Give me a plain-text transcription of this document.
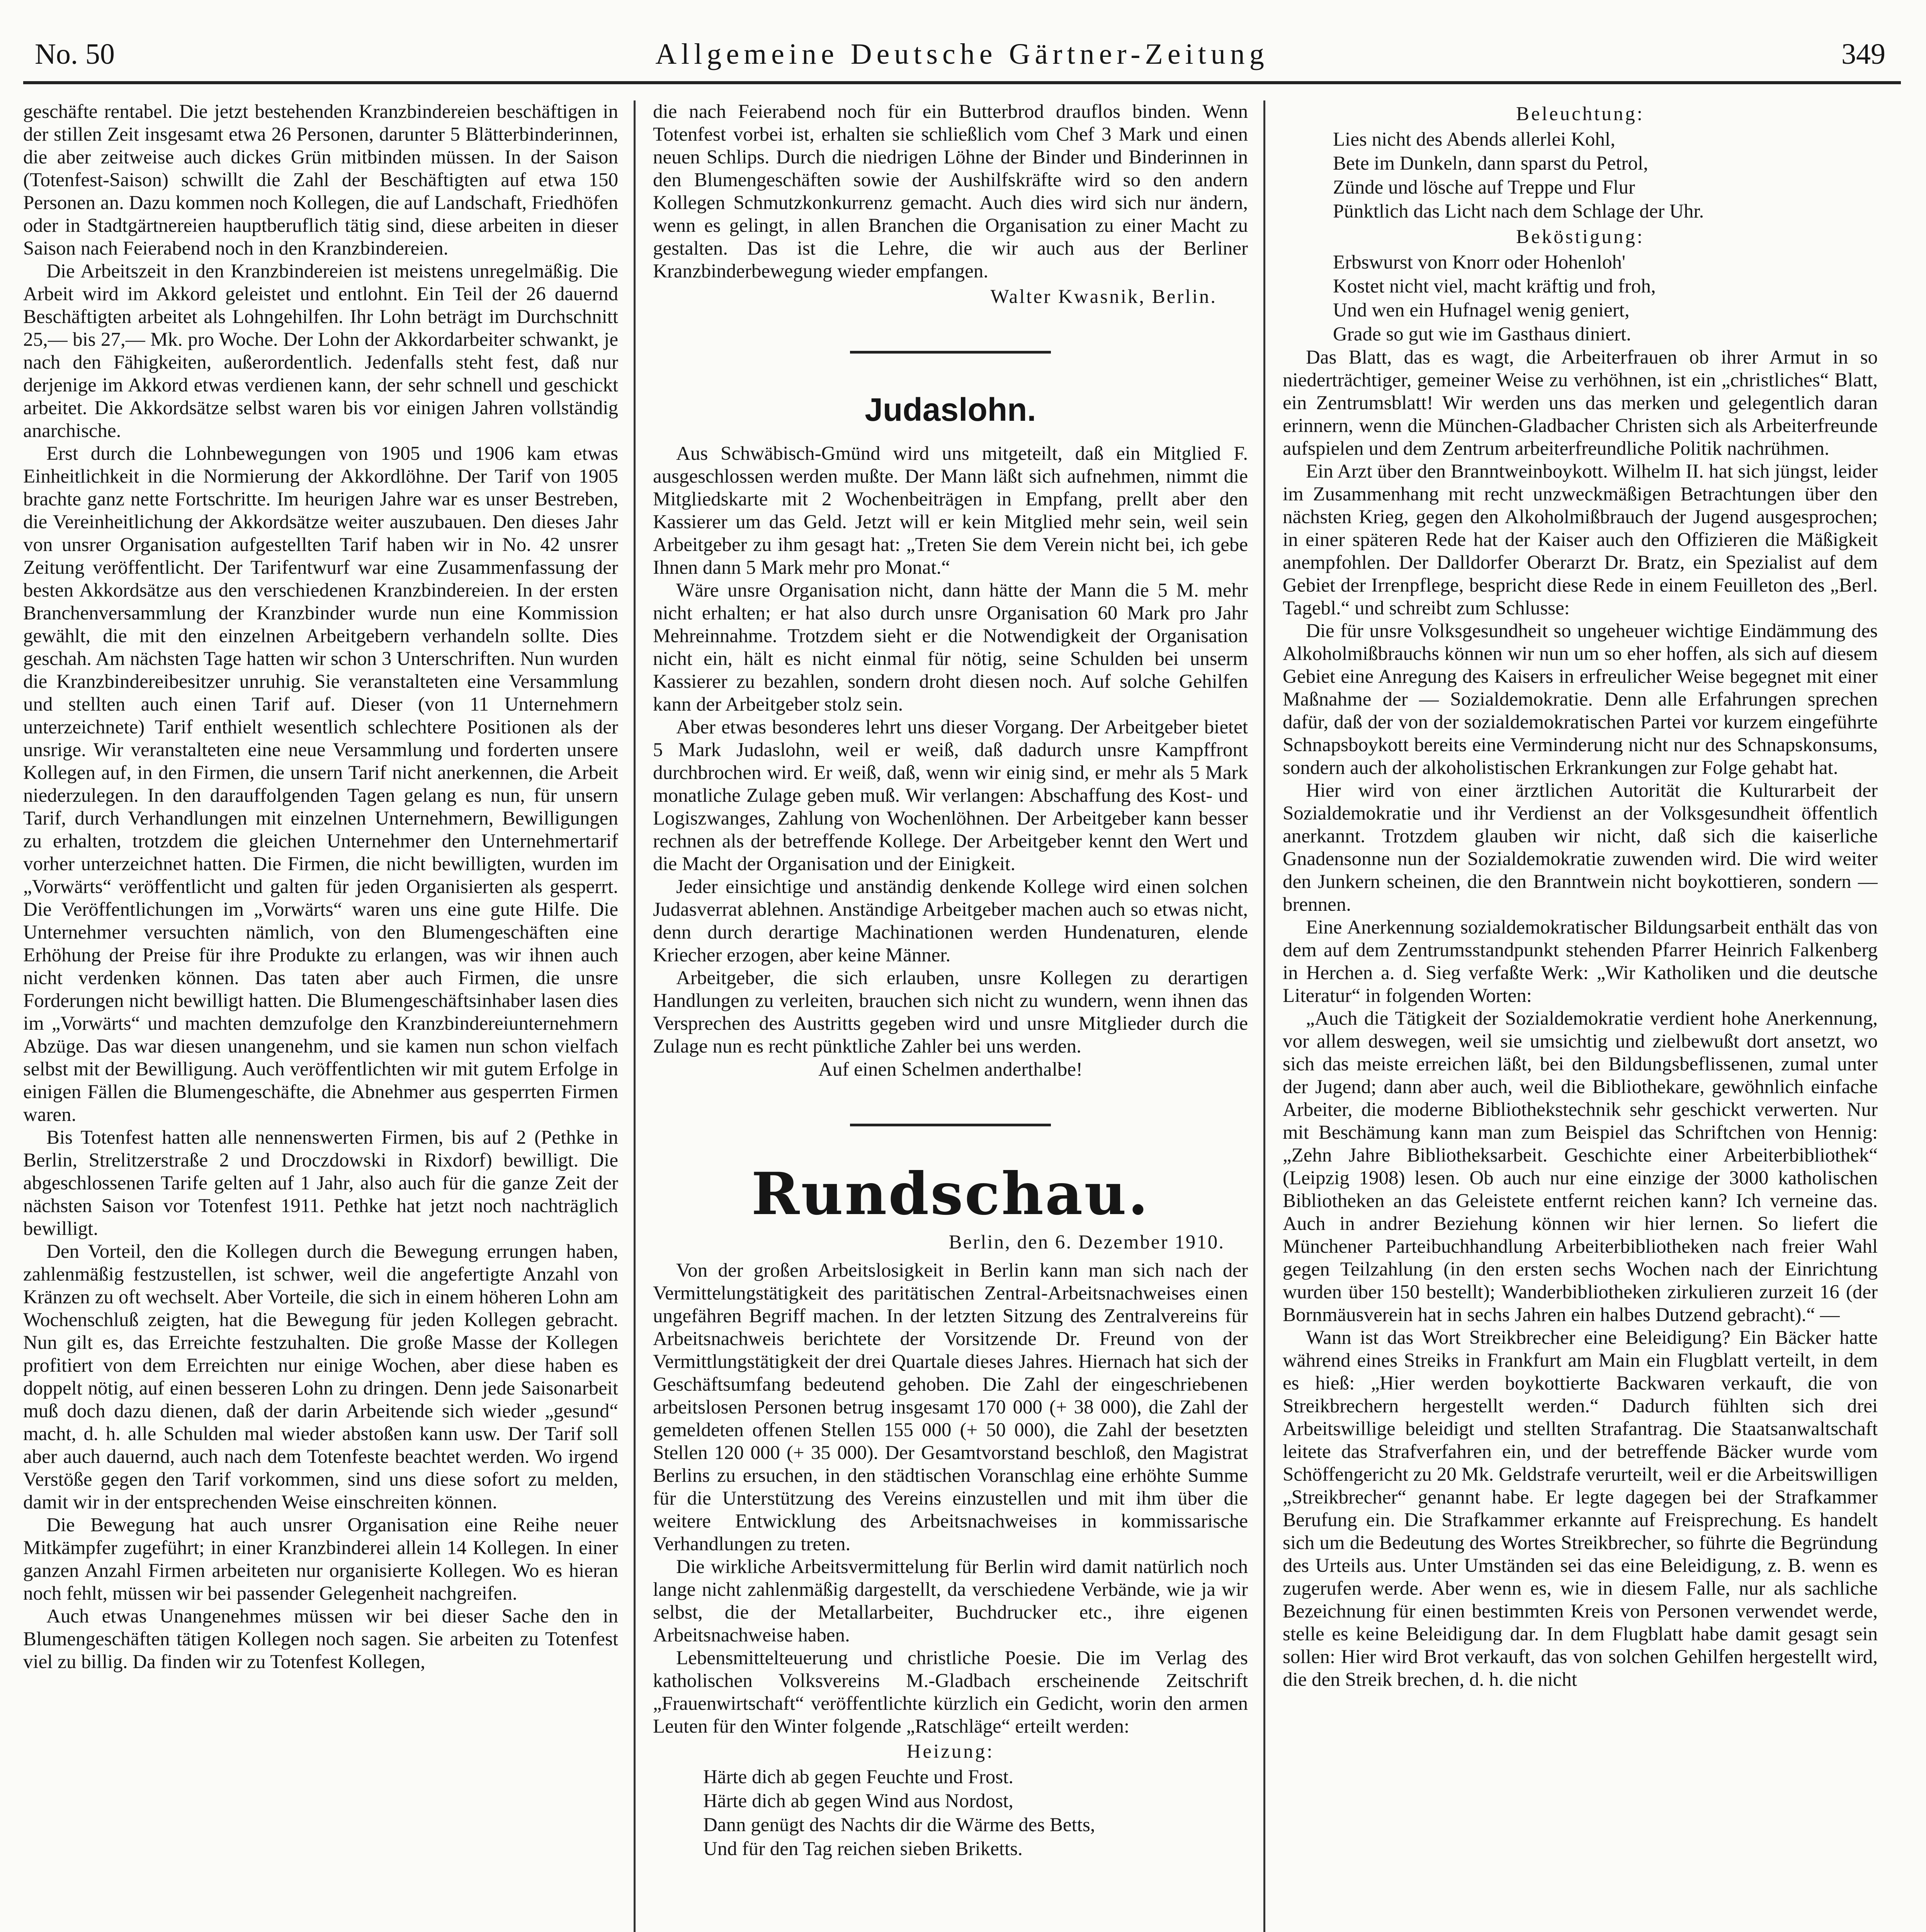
No. 50	Allgemeine Deutsche Gärtner-Zeitung	349

geschäfte rentabel. Die jetzt bestehenden Kranzbindereien beschäftigen in der stillen Zeit insgesamt etwa 26 Personen, darunter 5 Blätterbinderinnen, die aber zeitweise auch dickes Grün mitbinden müssen. In der Saison (Totenfest-Saison) schwillt die Zahl der Beschäftigten auf etwa 150 Personen an. Dazu kommen noch Kollegen, die auf Landschaft, Friedhöfen oder in Stadtgärtnereien hauptberuflich tätig sind, diese arbeiten in dieser Saison nach Feierabend noch in den Kranzbindereien.

Die Arbeitszeit in den Kranzbindereien ist meistens unregelmäßig. Die Arbeit wird im Akkord geleistet und entlohnt. Ein Teil der 26 dauernd Beschäftigten arbeitet als Lohngehilfen. Ihr Lohn beträgt im Durchschnitt 25,— bis 27,— Mk. pro Woche. Der Lohn der Akkordarbeiter schwankt, je nach den Fähigkeiten, außerordentlich. Jedenfalls steht fest, daß nur derjenige im Akkord etwas verdienen kann, der sehr schnell und geschickt arbeitet. Die Akkordsätze selbst waren bis vor einigen Jahren vollständig anarchische.

Erst durch die Lohnbewegungen von 1905 und 1906 kam etwas Einheitlichkeit in die Normierung der Akkordlöhne. Der Tarif von 1905 brachte ganz nette Fortschritte. Im heurigen Jahre war es unser Bestreben, die Vereinheitlichung der Akkordsätze weiter auszubauen. Den dieses Jahr von unsrer Organisation aufgestellten Tarif haben wir in No. 42 unsrer Zeitung veröffentlicht. Der Tarifentwurf war eine Zusammenfassung der besten Akkordsätze aus den verschiedenen Kranzbindereien. In der ersten Branchenversammlung der Kranzbinder wurde nun eine Kommission gewählt, die mit den einzelnen Arbeitgebern verhandeln sollte. Dies geschah. Am nächsten Tage hatten wir schon 3 Unterschriften. Nun wurden die Kranzbindereibesitzer unruhig. Sie veranstalteten eine Versammlung und stellten auch einen Tarif auf. Dieser (von 11 Unternehmern unterzeichnete) Tarif enthielt wesentlich schlechtere Positionen als der unsrige. Wir veranstalteten eine neue Versammlung und forderten unsere Kollegen auf, in den Firmen, die unsern Tarif nicht anerkennen, die Arbeit niederzulegen. In den darauffolgenden Tagen gelang es nun, für unsern Tarif, durch Verhandlungen mit einzelnen Unternehmern, Bewilligungen zu erhalten, trotzdem die gleichen Unternehmer den Unternehmertarif vorher unterzeichnet hatten. Die Firmen, die nicht bewilligten, wurden im „Vorwärts“ veröffentlicht und galten für jeden Organisierten als gesperrt. Die Veröffentlichungen im „Vorwärts“ waren uns eine gute Hilfe. Die Unternehmer versuchten nämlich, von den Blumengeschäften eine Erhöhung der Preise für ihre Produkte zu erlangen, was wir ihnen auch nicht verdenken können. Das taten aber auch Firmen, die unsre Forderungen nicht bewilligt hatten. Die Blumengeschäftsinhaber lasen dies im „Vorwärts“ und machten demzufolge den Kranzbindereiunternehmern Abzüge. Das war diesen unangenehm, und sie kamen nun schon vielfach selbst mit der Bewilligung. Auch veröffentlichten wir mit gutem Erfolge in einigen Fällen die Blumengeschäfte, die Abnehmer aus gesperrten Firmen waren.

Bis Totenfest hatten alle nennenswerten Firmen, bis auf 2 (Pethke in Berlin, Strelitzerstraße 2 und Droczdowski in Rixdorf) bewilligt. Die abgeschlossenen Tarife gelten auf 1 Jahr, also auch für die ganze Zeit der nächsten Saison vor Totenfest 1911. Pethke hat jetzt noch nachträglich bewilligt.

Den Vorteil, den die Kollegen durch die Bewegung errungen haben, zahlenmäßig festzustellen, ist schwer, weil die angefertigte Anzahl von Kränzen zu oft wechselt. Aber Vorteile, die sich in einem höheren Lohn am Wochenschluß zeigten, hat die Bewegung für jeden Kollegen gebracht. Nun gilt es, das Erreichte festzuhalten. Die große Masse der Kollegen profitiert von dem Erreichten nur einige Wochen, aber diese haben es doppelt nötig, auf einen besseren Lohn zu dringen. Denn jede Saisonarbeit muß doch dazu dienen, daß der darin Arbeitende sich wieder „gesund“ macht, d. h. alle Schulden mal wieder abstoßen kann usw. Der Tarif soll aber auch dauernd, auch nach dem Totenfeste beachtet werden. Wo irgend Verstöße gegen den Tarif vorkommen, sind uns diese sofort zu melden, damit wir in der entsprechenden Weise einschreiten können.

Die Bewegung hat auch unsrer Organisation eine Reihe neuer Mitkämpfer zugeführt; in einer Kranzbinderei allein 14 Kollegen. In einer ganzen Anzahl Firmen arbeiteten nur organisierte Kollegen. Wo es hieran noch fehlt, müssen wir bei passender Gelegenheit nachgreifen.

Auch etwas Unangenehmes müssen wir bei dieser Sache den in Blumengeschäften tätigen Kollegen noch sagen. Sie arbeiten zu Totenfest viel zu billig. Da finden wir zu Totenfest Kollegen,

die nach Feierabend noch für ein Butterbrod drauflos binden. Wenn Totenfest vorbei ist, erhalten sie schließlich vom Chef 3 Mark und einen neuen Schlips. Durch die niedrigen Löhne der Binder und Binderinnen in den Blumengeschäften sowie der Aushilfskräfte wird so den andern Kollegen Schmutzkonkurrenz gemacht. Auch dies wird sich nur ändern, wenn es gelingt, in allen Branchen die Organisation zu einer Macht zu gestalten. Das ist die Lehre, die wir auch aus der Berliner Kranzbinderbewegung wieder empfangen.

Walter Kwasnik, Berlin.

Judaslohn.

Aus Schwäbisch-Gmünd wird uns mitgeteilt, daß ein Mitglied F. ausgeschlossen werden mußte. Der Mann läßt sich aufnehmen, nimmt die Mitgliedskarte mit 2 Wochenbeiträgen in Empfang, prellt aber den Kassierer um das Geld. Jetzt will er kein Mitglied mehr sein, weil sein Arbeitgeber zu ihm gesagt hat: „Treten Sie dem Verein nicht bei, ich gebe Ihnen dann 5 Mark mehr pro Monat.“

Wäre unsre Organisation nicht, dann hätte der Mann die 5 M. mehr nicht erhalten; er hat also durch unsre Organisation 60 Mark pro Jahr Mehreinnahme. Trotzdem sieht er die Notwendigkeit der Organisation nicht ein, hält es nicht einmal für nötig, seine Schulden bei unserm Kassierer zu bezahlen, sondern droht diesen noch. Auf solche Gehilfen kann der Arbeitgeber stolz sein.

Aber etwas besonderes lehrt uns dieser Vorgang. Der Arbeitgeber bietet 5 Mark Judaslohn, weil er weiß, daß dadurch unsre Kampffront durchbrochen wird. Er weiß, daß, wenn wir einig sind, er mehr als 5 Mark monatliche Zulage geben muß. Wir verlangen: Abschaffung des Kost- und Logiszwanges, Zahlung von Wochenlöhnen. Der Arbeitgeber kann besser rechnen als der betreffende Kollege. Der Arbeitgeber kennt den Wert und die Macht der Organisation und der Einigkeit.

Jeder einsichtige und anständig denkende Kollege wird einen solchen Judasverrat ablehnen. Anständige Arbeitgeber machen auch so etwas nicht, denn durch derartige Machinationen werden Hundenaturen, elende Kriecher erzogen, aber keine Männer.

Arbeitgeber, die sich erlauben, unsre Kollegen zu derartigen Handlungen zu verleiten, brauchen sich nicht zu wundern, wenn ihnen das Versprechen des Austritts gegeben wird und unsre Mitglieder durch die Zulage nun es recht pünktliche Zahler bei uns werden.

Auf einen Schelmen anderthalbe!

Rundschau.

Berlin, den 6. Dezember 1910.

Von der großen Arbeitslosigkeit in Berlin kann man sich nach der Vermittelungstätigkeit des paritätischen Zentral-Arbeitsnachweises einen ungefähren Begriff machen. In der letzten Sitzung des Zentralvereins für Arbeitsnachweis berichtete der Vorsitzende Dr. Freund von der Vermittlungstätigkeit der drei Quartale dieses Jahres. Hiernach hat sich der Geschäftsumfang bedeutend gehoben. Die Zahl der eingeschriebenen arbeitslosen Personen betrug insgesamt 170 000 (+ 38 000), die Zahl der gemeldeten offenen Stellen 155 000 (+ 50 000), die Zahl der besetzten Stellen 120 000 (+ 35 000). Der Gesamtvorstand beschloß, den Magistrat Berlins zu ersuchen, in den städtischen Voranschlag eine erhöhte Summe für die Unterstützung des Vereins einzustellen und mit ihm über die weitere Entwicklung des Arbeitsnachweises in kommissarische Verhandlungen zu treten.

Die wirkliche Arbeitsvermittelung für Berlin wird damit natürlich noch lange nicht zahlenmäßig dargestellt, da verschiedene Verbände, wie ja wir selbst, die der Metallarbeiter, Buchdrucker etc., ihre eigenen Arbeitsnachweise haben.

Lebensmittelteuerung und christliche Poesie. Die im Verlag des katholischen Volksvereins M.-Gladbach erscheinende Zeitschrift „Frauenwirtschaft“ veröffentlichte kürzlich ein Gedicht, worin den armen Leuten für den Winter folgende „Ratschläge“ erteilt werden:

Heizung:
Härte dich ab gegen Feuchte und Frost.
Härte dich ab gegen Wind aus Nordost,
Dann genügt des Nachts dir die Wärme des Betts,
Und für den Tag reichen sieben Briketts.
Beleuchtung:
Lies nicht des Abends allerlei Kohl,
Bete im Dunkeln, dann sparst du Petrol,
Zünde und lösche auf Treppe und Flur
Pünktlich das Licht nach dem Schlage der Uhr.
Beköstigung:
Erbswurst von Knorr oder Hohenloh'
Kostet nicht viel, macht kräftig und froh,
Und wen ein Hufnagel wenig geniert,
Grade so gut wie im Gasthaus diniert.

Das Blatt, das es wagt, die Arbeiterfrauen ob ihrer Armut in so niederträchtiger, gemeiner Weise zu verhöhnen, ist ein „christliches“ Blatt, ein Zentrumsblatt! Wir werden uns das merken und gelegentlich daran erinnern, wenn die München-Gladbacher Christen sich als Arbeiterfreunde aufspielen und dem Zentrum arbeiterfreundliche Politik nachrühmen.

Ein Arzt über den Branntweinboykott. Wilhelm II. hat sich jüngst, leider im Zusammenhang mit recht unzweckmäßigen Betrachtungen über den nächsten Krieg, gegen den Alkoholmißbrauch der Jugend ausgesprochen; in einer späteren Rede hat der Kaiser auch den Offizieren die Mäßigkeit anempfohlen. Der Dalldorfer Oberarzt Dr. Bratz, ein Spezialist auf dem Gebiet der Irrenpflege, bespricht diese Rede in einem Feuilleton des „Berl. Tagebl.“ und schreibt zum Schlusse:

Die für unsre Volksgesundheit so ungeheuer wichtige Eindämmung des Alkoholmißbrauchs können wir nun um so eher hoffen, als sich auf diesem Gebiet eine Anregung des Kaisers in erfreulicher Weise begegnet mit einer Maßnahme der — Sozialdemokratie. Denn alle Erfahrungen sprechen dafür, daß der von der sozialdemokratischen Partei vor kurzem eingeführte Schnapsboykott bereits eine Verminderung nicht nur des Schnapskonsums, sondern auch der alkoholistischen Erkrankungen zur Folge gehabt hat.

Hier wird von einer ärztlichen Autorität die Kulturarbeit der Sozialdemokratie und ihr Verdienst an der Volksgesundheit öffentlich anerkannt. Trotzdem glauben wir nicht, daß sich die kaiserliche Gnadensonne nun der Sozialdemokratie zuwenden wird. Die wird weiter den Junkern scheinen, die den Branntwein nicht boykottieren, sondern — brennen.

Eine Anerkennung sozialdemokratischer Bildungsarbeit enthält das von dem auf dem Zentrumsstandpunkt stehenden Pfarrer Heinrich Falkenberg in Herchen a. d. Sieg verfaßte Werk: „Wir Katholiken und die deutsche Literatur“ in folgenden Worten:

„Auch die Tätigkeit der Sozialdemokratie verdient hohe Anerkennung, vor allem deswegen, weil sie umsichtig und zielbewußt dort ansetzt, wo sich das meiste erreichen läßt, bei den Bildungsbeflissenen, zumal unter der Jugend; dann aber auch, weil die Bibliothekare, gewöhnlich einfache Arbeiter, die moderne Bibliothekstechnik sehr geschickt verwerten. Nur mit Beschämung kann man zum Beispiel das Schriftchen von Hennig: „Zehn Jahre Bibliotheksarbeit. Geschichte einer Arbeiterbibliothek“ (Leipzig 1908) lesen. Ob auch nur eine einzige der 3000 katholischen Bibliotheken an das Geleistete entfernt reichen kann? Ich verneine das. Auch in andrer Beziehung können wir hier lernen. So liefert die Münchener Parteibuchhandlung Arbeiterbibliotheken nach freier Wahl gegen Teilzahlung (in den ersten sechs Wochen nach der Einrichtung wurden über 150 bestellt); Wanderbibliotheken zirkulieren zurzeit 16 (der Bornmäusverein hat in sechs Jahren ein halbes Dutzend gebracht).“ —

Wann ist das Wort Streikbrecher eine Beleidigung? Ein Bäcker hatte während eines Streiks in Frankfurt am Main ein Flugblatt verteilt, in dem es hieß: „Hier werden boykottierte Backwaren verkauft, die von Streikbrechern hergestellt werden.“ Dadurch fühlten sich drei Arbeitswillige beleidigt und stellten Strafantrag. Die Staatsanwaltschaft leitete das Strafverfahren ein, und der betreffende Bäcker wurde vom Schöffengericht zu 20 Mk. Geldstrafe verurteilt, weil er die Arbeitswilligen „Streikbrecher“ genannt habe. Er legte dagegen bei der Strafkammer Berufung ein. Die Strafkammer erkannte auf Freisprechung. Es handelt sich um die Bedeutung des Wortes Streikbrecher, so führte die Begründung des Urteils aus. Unter Umständen sei das eine Beleidigung, z. B. wenn es zugerufen werde. Aber wenn es, wie in diesem Falle, nur als sachliche Bezeichnung für einen bestimmten Kreis von Personen verwendet werde, stelle es keine Beleidigung dar. In dem Flugblatt habe damit gesagt sein sollen: Hier wird Brot verkauft, das von solchen Gehilfen hergestellt wird, die den Streik brechen, d. h. die nicht
